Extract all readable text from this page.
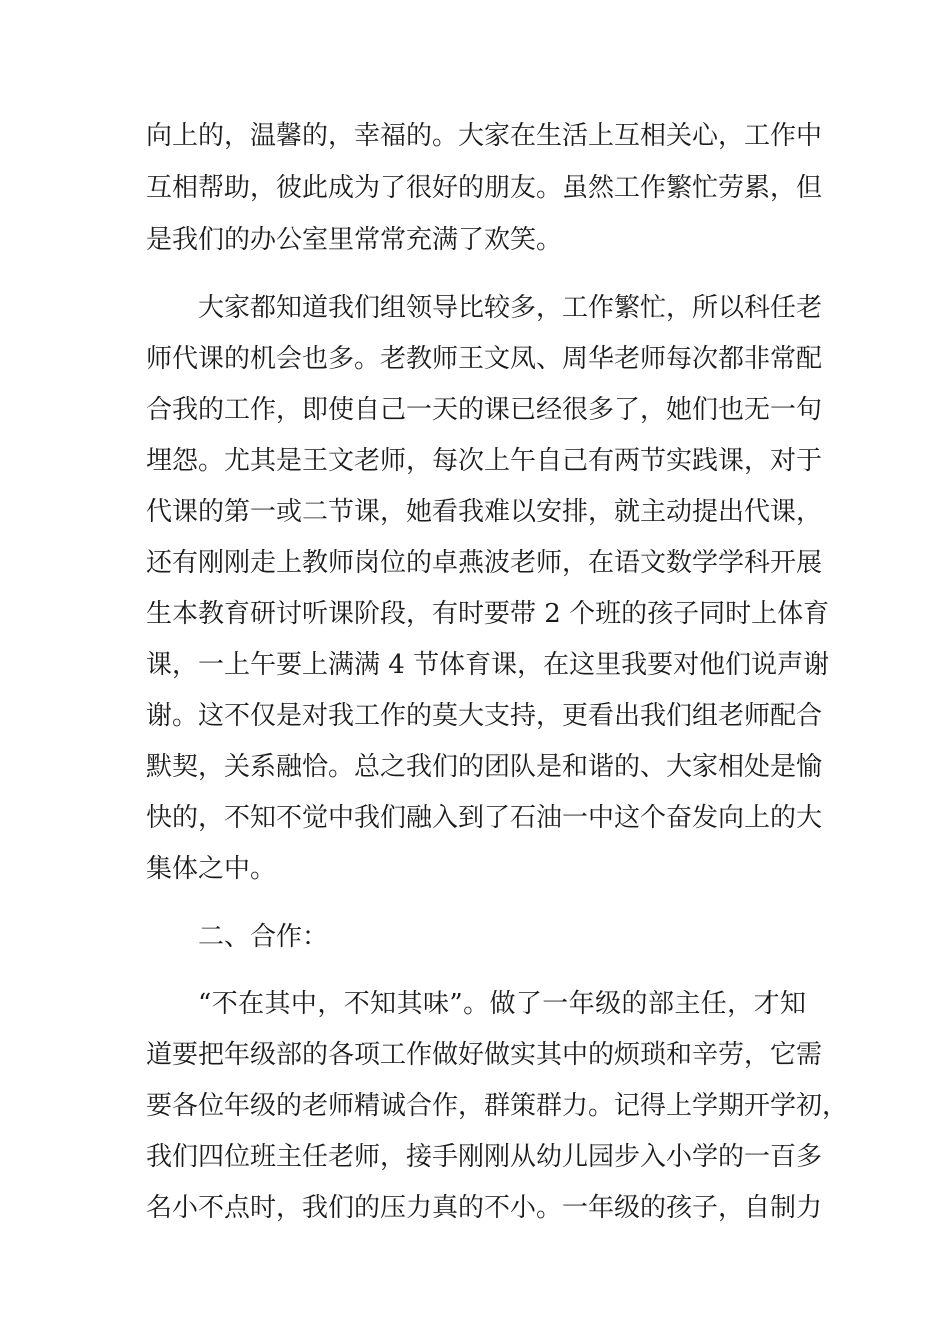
向上的，温馨的，幸福的。大家在生活上互相关心，工作中
互相帮助，彼此成为了很好的朋友。虽然工作繁忙劳累，但
是我们的办公室里常常充满了欢笑。
大家都知道我们组领导比较多，工作繁忙，所以科任老
师代课的机会也多。老教师王文凤、周华老师每次都非常配
合我的工作，即使自己一天的课已经很多了，她们也无一句
埋怨。尤其是王文老师，每次上午自己有两节实践课，对于
代课的第一或二节课，她看我难以安排，就主动提出代课，
还有刚刚走上教师岗位的卓燕波老师，在语文数学学科开展
生本教育研讨听课阶段，有时要带 2 个班的孩子同时上体育
课，一上午要上满满 4 节体育课，在这里我要对他们说声谢
谢。这不仅是对我工作的莫大支持，更看出我们组老师配合
默契，关系融恰。总之我们的团队是和谐的、大家相处是愉
快的，不知不觉中我们融入到了石油一中这个奋发向上的大
集体之中。
二、合作：
“不在其中，不知其味”。做了一年级的部主任，才知
道要把年级部的各项工作做好做实其中的烦琐和辛劳，它需
要各位年级的老师精诚合作，群策群力。记得上学期开学初，
我们四位班主任老师，接手刚刚从幼儿园步入小学的一百多
名小不点时，我们的压力真的不小。一年级的孩子，自制力
